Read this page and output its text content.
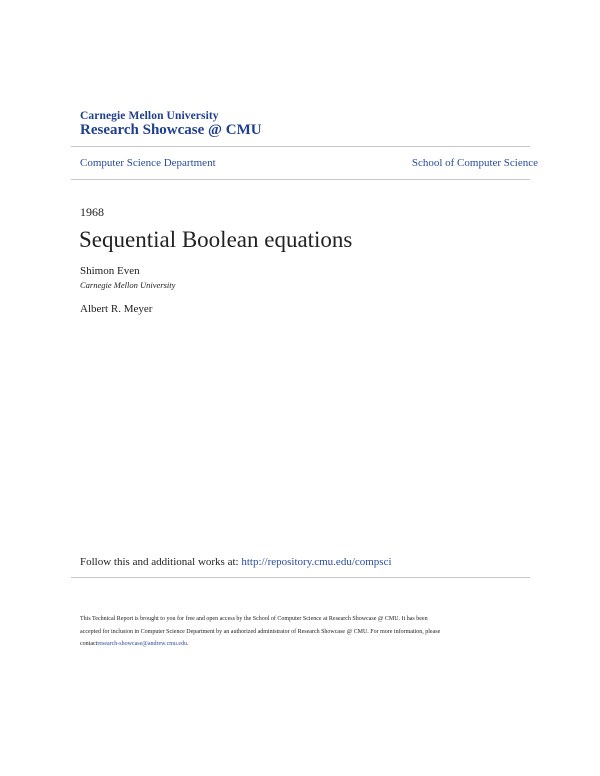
Carnegie Mellon University
Research Showcase @ CMU
Computer Science Department	School of Computer Science
1968
Sequential Boolean equations
Shimon Even
Carnegie Mellon University
Albert R. Meyer
Follow this and additional works at: http://repository.cmu.edu/compsci
This Technical Report is brought to you for free and open access by the School of Computer Science at Research Showcase @ CMU. It has been
accepted for inclusion in Computer Science Department by an authorized administrator of Research Showcase @ CMU. For more information, please
contactresearch-showcase@andrew.cmu.edu.
